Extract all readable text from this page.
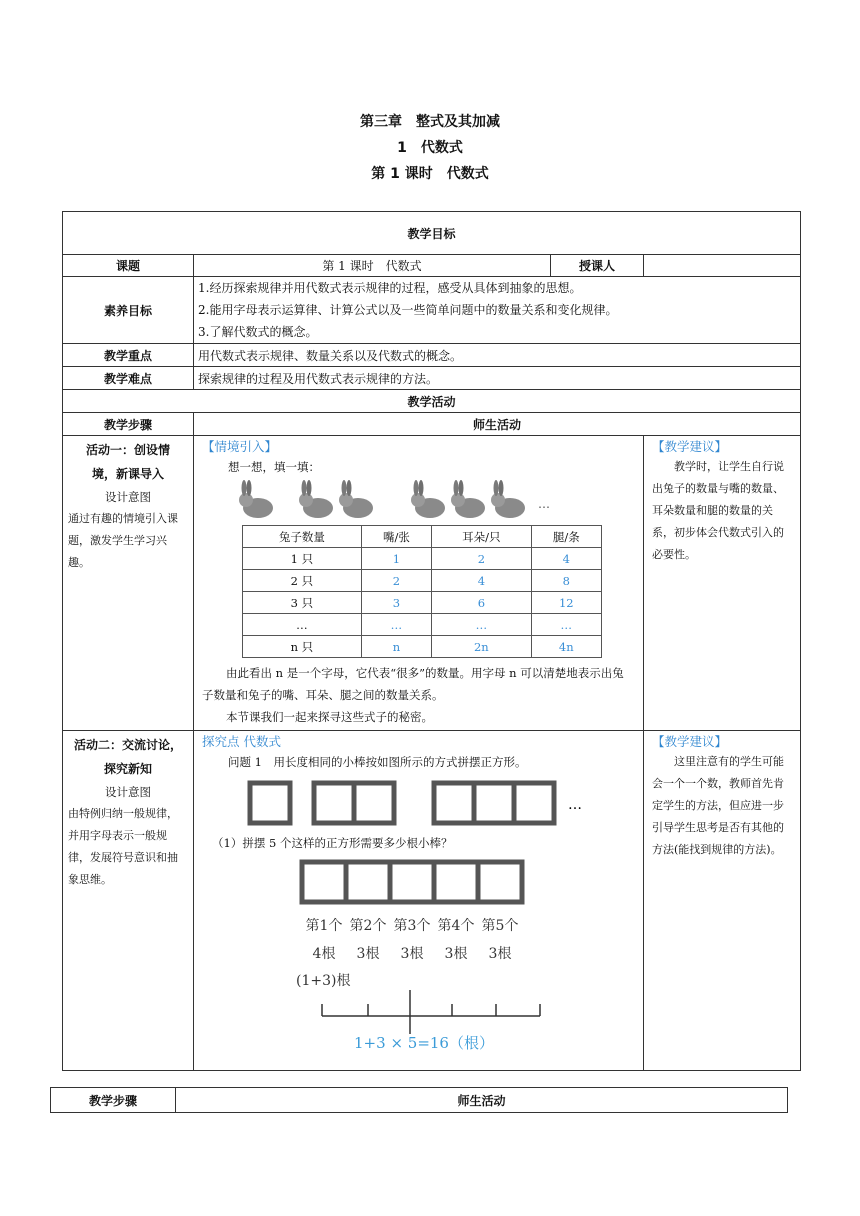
第三章　整式及其加减
1　代数式
第 1 课时　代数式
教学目标
课题	第 1 课时　代数式	授课人	
素养目标	
1.经历探索规律并用代数式表示规律的过程，感受从具体到抽象的思想。
2.能用字母表示运算律、计算公式以及一些简单问题中的数量关系和变化规律。
3.了解代数式的概念。

教学重点	用代数式表示规律、数量关系以及代数式的概念。
教学难点	探索规律的过程及用代数式表示规律的方法。
教学活动
教学步骤	师生活动

活动一：创设情
境，新课导入
设计意图
通过有趣的情境引入课题，激发学生学习兴趣。

【情境引入】
想一想，填一填：
…
兔子数量	嘴/张	耳朵/只	腿/条
1 只	1	2	4
2 只	2	4	8
3 只	3	6	12
…	…	…	…
n 只	n	2n	4n
由此看出 n 是一个字母，它代表“很多”的数量。用字母 n 可以清楚地表示出兔子数量和兔子的嘴、耳朵、腿之间的数量关系。
本节课我们一起来探寻这些式子的秘密。

【教学建议】
教学时，让学生自行说出兔子的数量与嘴的数量、耳朵数量和腿的数量的关系，初步体会代数式引入的必要性。

活动二：交流讨论，
探究新知
设计意图
由特例归纳一般规律，并用字母表示一般规律，发展符号意识和抽象思维。

探究点 代数式
问题 1　用长度相同的小棒按如图所示的方式拼摆正方形。
…
（1）拼摆 5 个这样的正方形需要多少根小棒？
第1个 第2个 第3个 第4个 第5个
4根 3根 3根 3根 3根
(1+3)根
1+3 × 5=16（根）

【教学建议】
这里注意有的学生可能会一个一个数，教师首先肯定学生的方法，但应进一步引导学生思考是否有其他的方法(能找到规律的方法)。
教学步骤	师生活动
